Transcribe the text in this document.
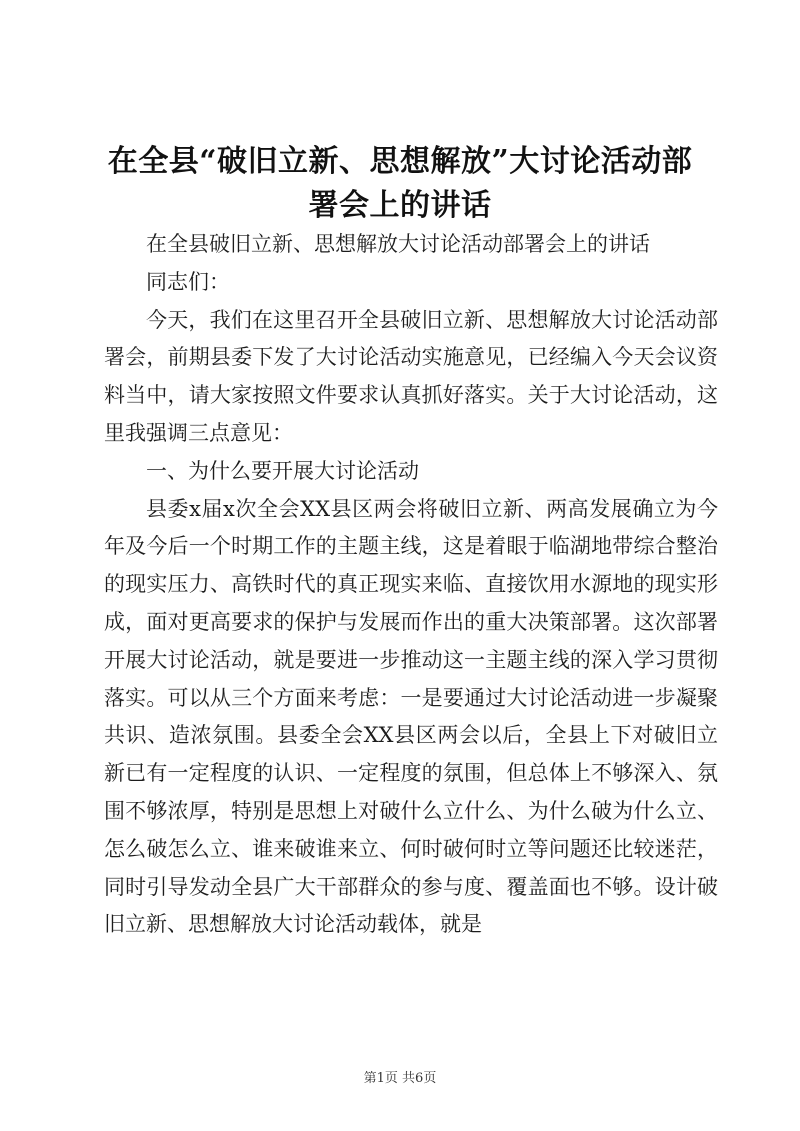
在全县“破旧立新、思想解放”大讨论活动部署会上的讲话

在全县破旧立新、思想解放大讨论活动部署会上的讲话

同志们：

今天，我们在这里召开全县破旧立新、思想解放大讨论活动部署会，前期县委下发了大讨论活动实施意见，已经编入今天会议资料当中，请大家按照文件要求认真抓好落实。关于大讨论活动，这里我强调三点意见：

一、为什么要开展大讨论活动

县委x届x次全会XX县区两会将破旧立新、两高发展确立为今年及今后一个时期工作的主题主线，这是着眼于临湖地带综合整治的现实压力、高铁时代的真正现实来临、直接饮用水源地的现实形成，面对更高要求的保护与发展而作出的重大决策部署。这次部署开展大讨论活动，就是要进一步推动这一主题主线的深入学习贯彻落实。可以从三个方面来考虑：一是要通过大讨论活动进一步凝聚共识、造浓氛围。县委全会XX县区两会以后，全县上下对破旧立新已有一定程度的认识、一定程度的氛围，但总体上不够深入、氛围不够浓厚，特别是思想上对破什么立什么、为什么破为什么立、怎么破怎么立、谁来破谁来立、何时破何时立等问题还比较迷茫，同时引导发动全县广大干部群众的参与度、覆盖面也不够。设计破旧立新、思想解放大讨论活动载体，就是

第1页 共6页
